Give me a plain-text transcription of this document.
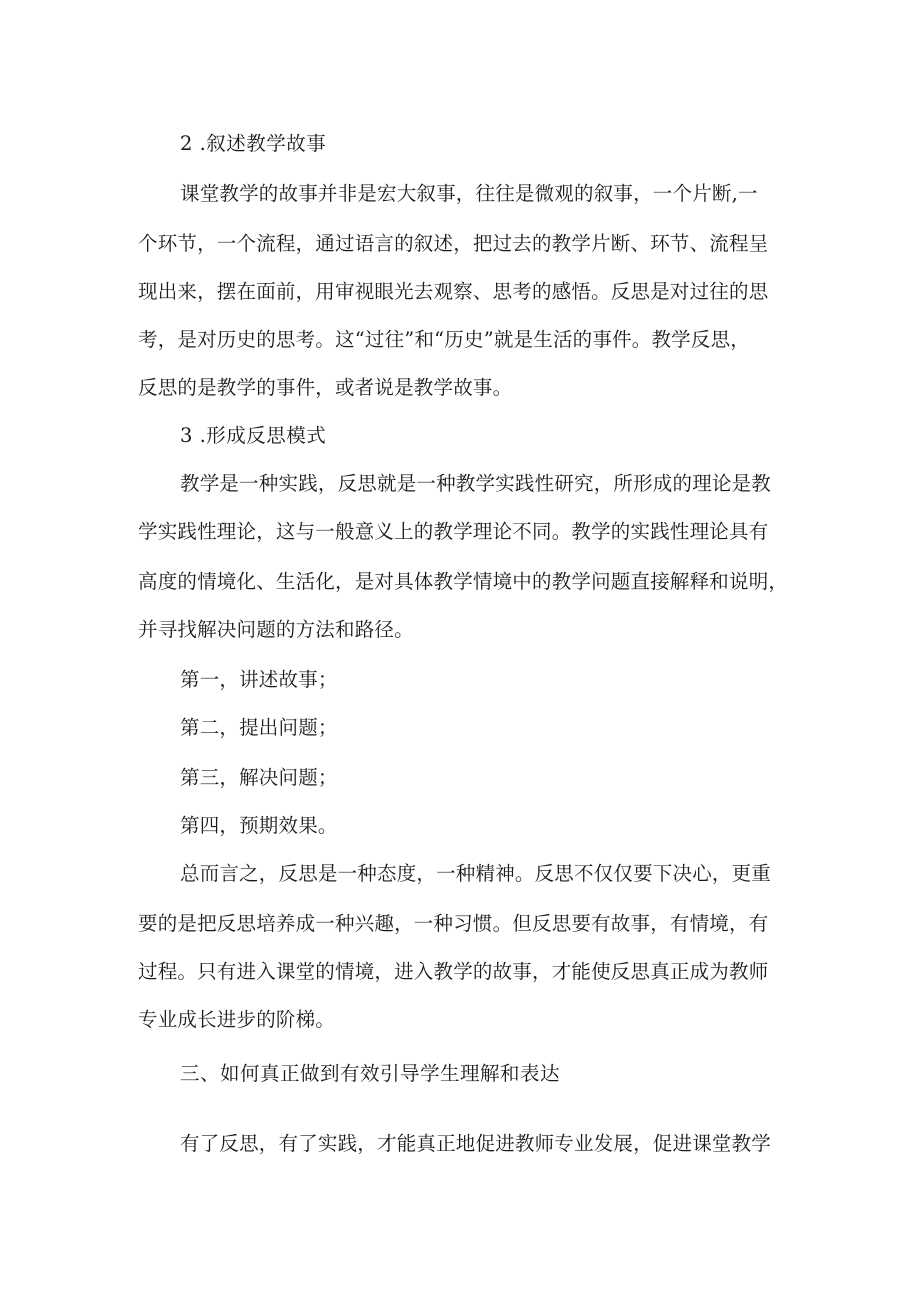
2 .叙述教学故事
课堂教学的故事并非是宏大叙事，往往是微观的叙事，一个片断,一
个环节，一个流程，通过语言的叙述，把过去的教学片断、环节、流程呈
现出来，摆在面前，用审视眼光去观察、思考的感悟。反思是对过往的思
考，是对历史的思考。这“过往”和“历史”就是生活的事件。教学反思，
反思的是教学的事件，或者说是教学故事。
3 .形成反思模式
教学是一种实践，反思就是一种教学实践性研究，所形成的理论是教
学实践性理论，这与一般意义上的教学理论不同。教学的实践性理论具有
高度的情境化、生活化，是对具体教学情境中的教学问题直接解释和说明，
并寻找解决问题的方法和路径。
第一，讲述故事；
第二，提出问题；
第三，解决问题；
第四，预期效果。
总而言之，反思是一种态度，一种精神。反思不仅仅要下决心，更重
要的是把反思培养成一种兴趣，一种习惯。但反思要有故事，有情境，有
过程。只有进入课堂的情境，进入教学的故事，才能使反思真正成为教师
专业成长进步的阶梯。
三、如何真正做到有效引导学生理解和表达
有了反思，有了实践，才能真正地促进教师专业发展，促进课堂教学
